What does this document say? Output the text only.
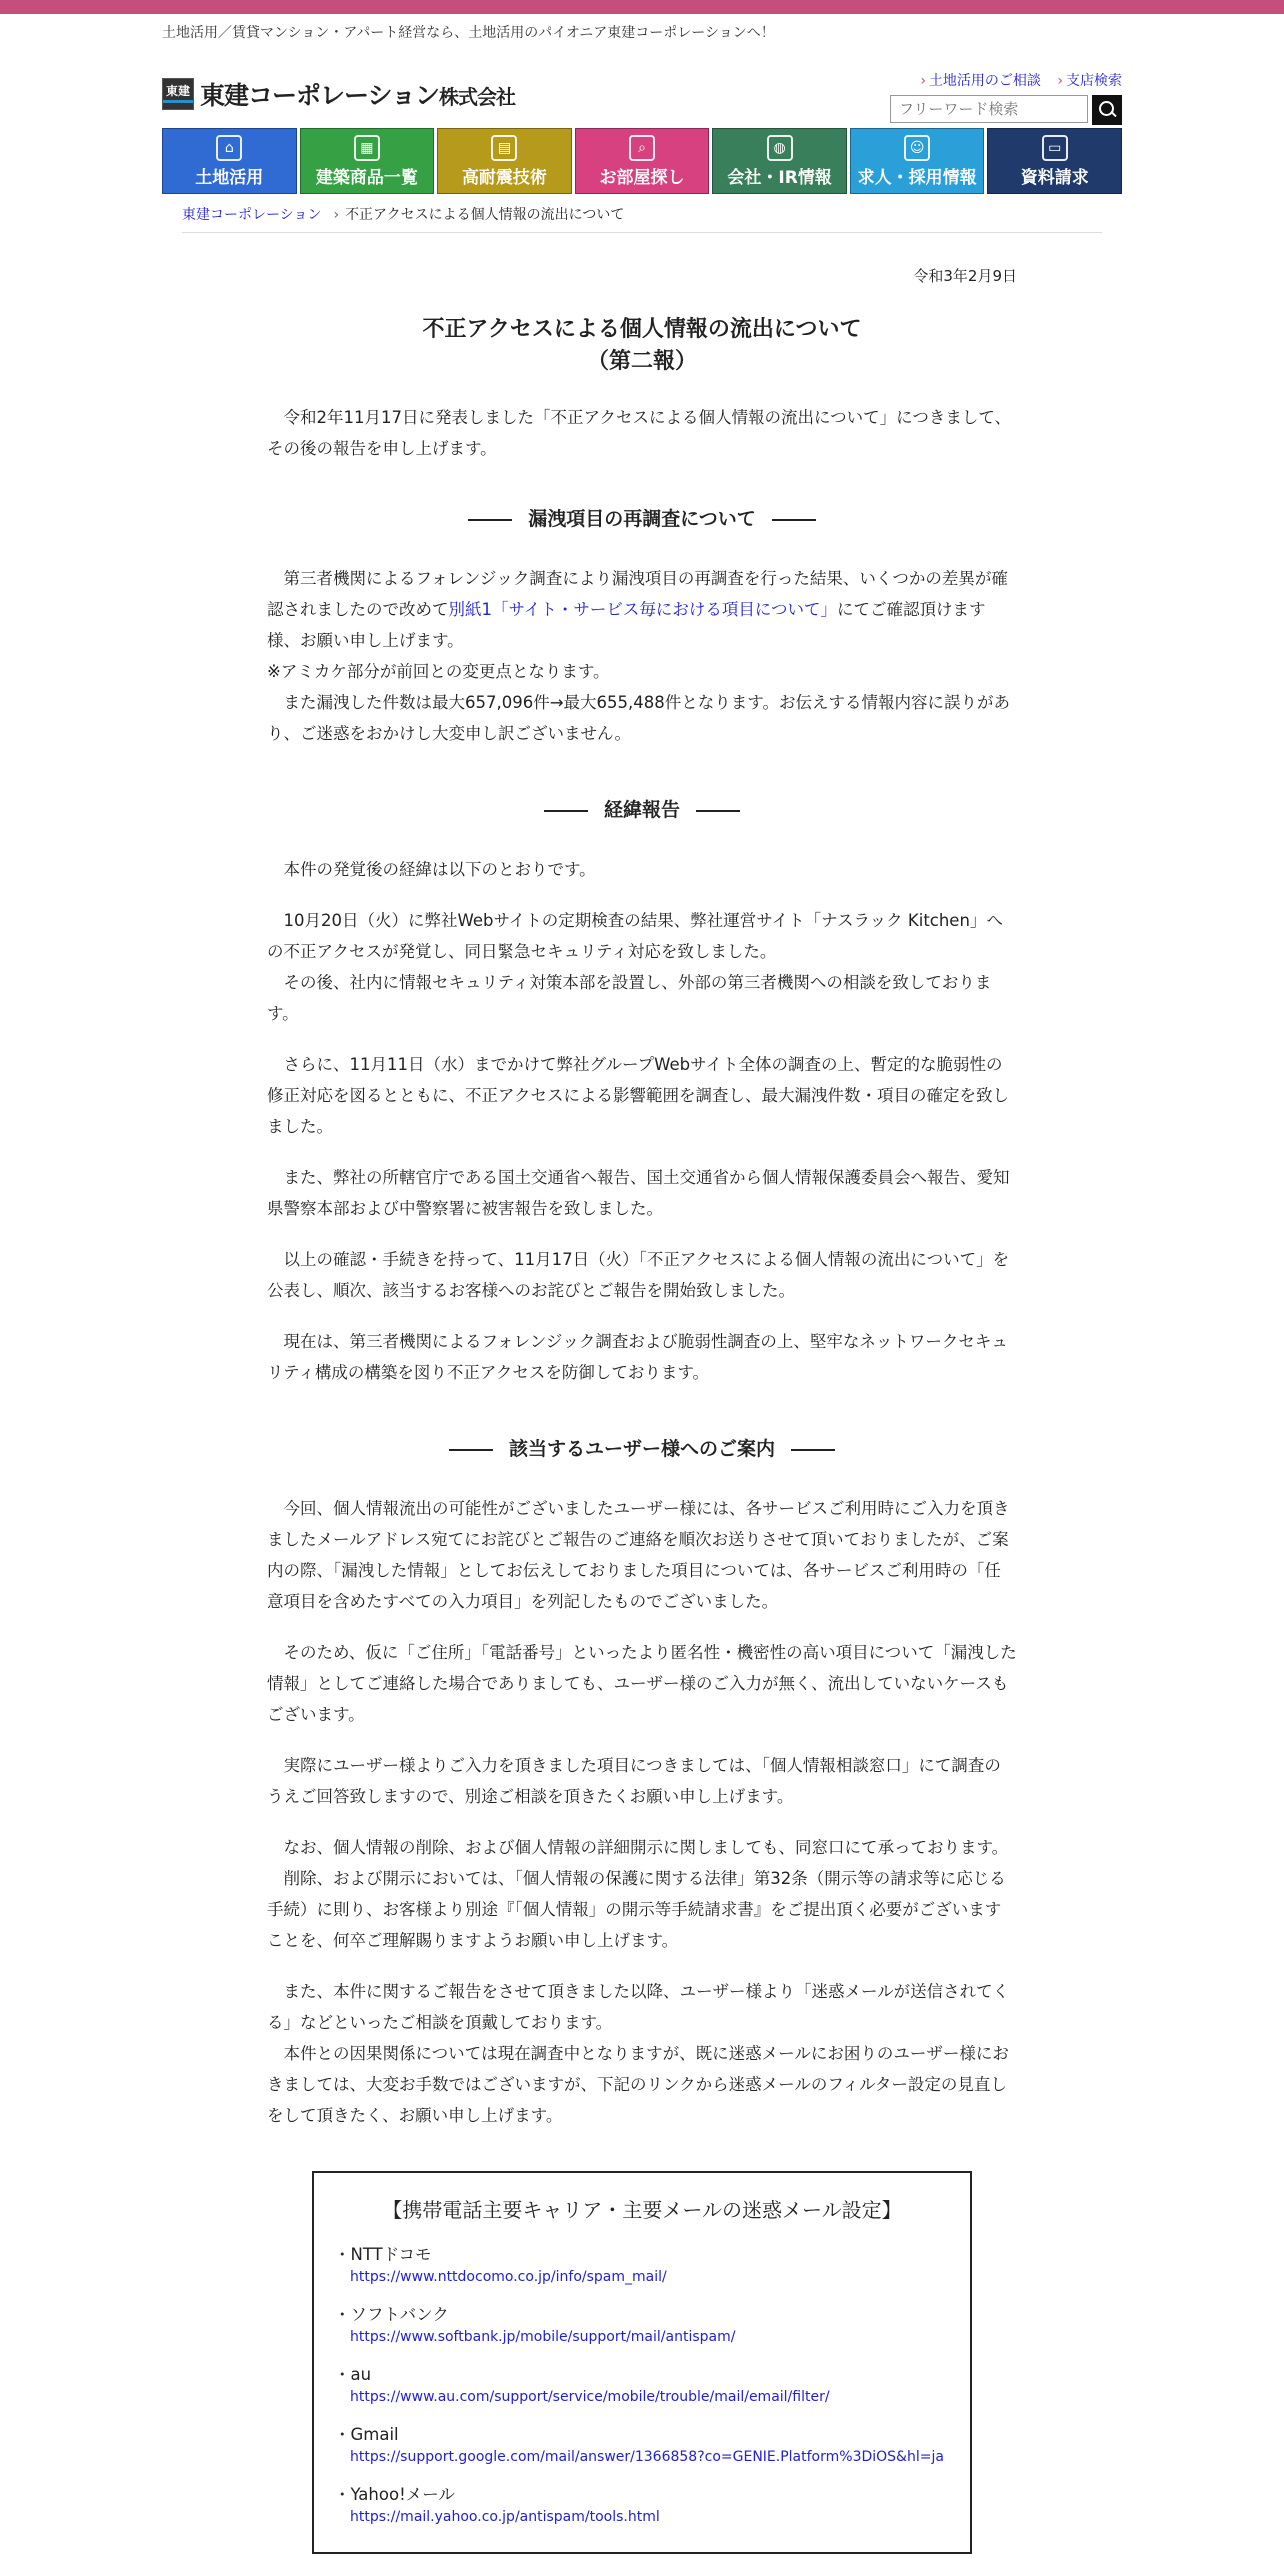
土地活用／賃貸マンション・アパート経営なら、土地活用のパイオニア東建コーポレーションへ！
東建 東建コーポレーション株式会社
› 土地活用のご相談 › 支店検索
フリーワード検索
⌂
土地活用
▦
建築商品一覧
▤
高耐震技術
⌕
お部屋探し
◍
会社・IR情報
☺
求人・採用情報
▭
資料請求
東建コーポレーション › 不正アクセスによる個人情報の流出について
令和3年2月9日
不正アクセスによる個人情報の流出について
（第二報）

令和2年11月17日に発表しました「不正アクセスによる個人情報の流出について」につきまして、その後の報告を申し上げます。

漏洩項目の再調査について

第三者機関によるフォレンジック調査により漏洩項目の再調査を行った結果、いくつかの差異が確認されましたので改めて別紙1「サイト・サービス毎における項目について」にてご確認頂けます様、お願い申し上げます。

※アミカケ部分が前回との変更点となります。

また漏洩した件数は最大657,096件→最大655,488件となります。お伝えする情報内容に誤りがあり、ご迷惑をおかけし大変申し訳ございません。

経緯報告

本件の発覚後の経緯は以下のとおりです。

10月20日（火）に弊社Webサイトの定期検査の結果、弊社運営サイト「ナスラック Kitchen」への不正アクセスが発覚し、同日緊急セキュリティ対応を致しました。

その後、社内に情報セキュリティ対策本部を設置し、外部の第三者機関への相談を致しております。

さらに、11月11日（水）までかけて弊社グループWebサイト全体の調査の上、暫定的な脆弱性の修正対応を図るとともに、不正アクセスによる影響範囲を調査し、最大漏洩件数・項目の確定を致しました。

また、弊社の所轄官庁である国土交通省へ報告、国土交通省から個人情報保護委員会へ報告、愛知県警察本部および中警察署に被害報告を致しました。

以上の確認・手続きを持って、11月17日（火）「不正アクセスによる個人情報の流出について」を公表し、順次、該当するお客様へのお詫びとご報告を開始致しました。

現在は、第三者機関によるフォレンジック調査および脆弱性調査の上、堅牢なネットワークセキュリティ構成の構築を図り不正アクセスを防御しております。

該当するユーザー様へのご案内

今回、個人情報流出の可能性がございましたユーザー様には、各サービスご利用時にご入力を頂きましたメールアドレス宛てにお詫びとご報告のご連絡を順次お送りさせて頂いておりましたが、ご案内の際、「漏洩した情報」としてお伝えしておりました項目については、各サービスご利用時の「任意項目を含めたすべての入力項目」を列記したものでございました。

そのため、仮に「ご住所」「電話番号」といったより匿名性・機密性の高い項目について「漏洩した情報」としてご連絡した場合でありましても、ユーザー様のご入力が無く、流出していないケースもございます。

実際にユーザー様よりご入力を頂きました項目につきましては、「個人情報相談窓口」にて調査のうえご回答致しますので、別途ご相談を頂きたくお願い申し上げます。

なお、個人情報の削除、および個人情報の詳細開示に関しましても、同窓口にて承っております。

削除、および開示においては、「個人情報の保護に関する法律」第32条（開示等の請求等に応じる手続）に則り、お客様より別途『「個人情報」の開示等手続請求書』をご提出頂く必要がございますことを、何卒ご理解賜りますようお願い申し上げます。

また、本件に関するご報告をさせて頂きました以降、ユーザー様より「迷惑メールが送信されてくる」などといったご相談を頂戴しております。

本件との因果関係については現在調査中となりますが、既に迷惑メールにお困りのユーザー様におきましては、大変お手数ではございますが、下記のリンクから迷惑メールのフィルター設定の見直しをして頂きたく、お願い申し上げます。

【携帯電話主要キャリア・主要メールの迷惑メール設定】
・NTTドコモ
https://www.nttdocomo.co.jp/info/spam_mail/
・ソフトバンク
https://www.softbank.jp/mobile/support/mail/antispam/
・au
https://www.au.com/support/service/mobile/trouble/mail/email/filter/
・Gmail
https://support.google.com/mail/answer/1366858?co=GENIE.Platform%3DiOS&hl=ja
・Yahoo!メール
https://mail.yahoo.co.jp/antispam/tools.html
